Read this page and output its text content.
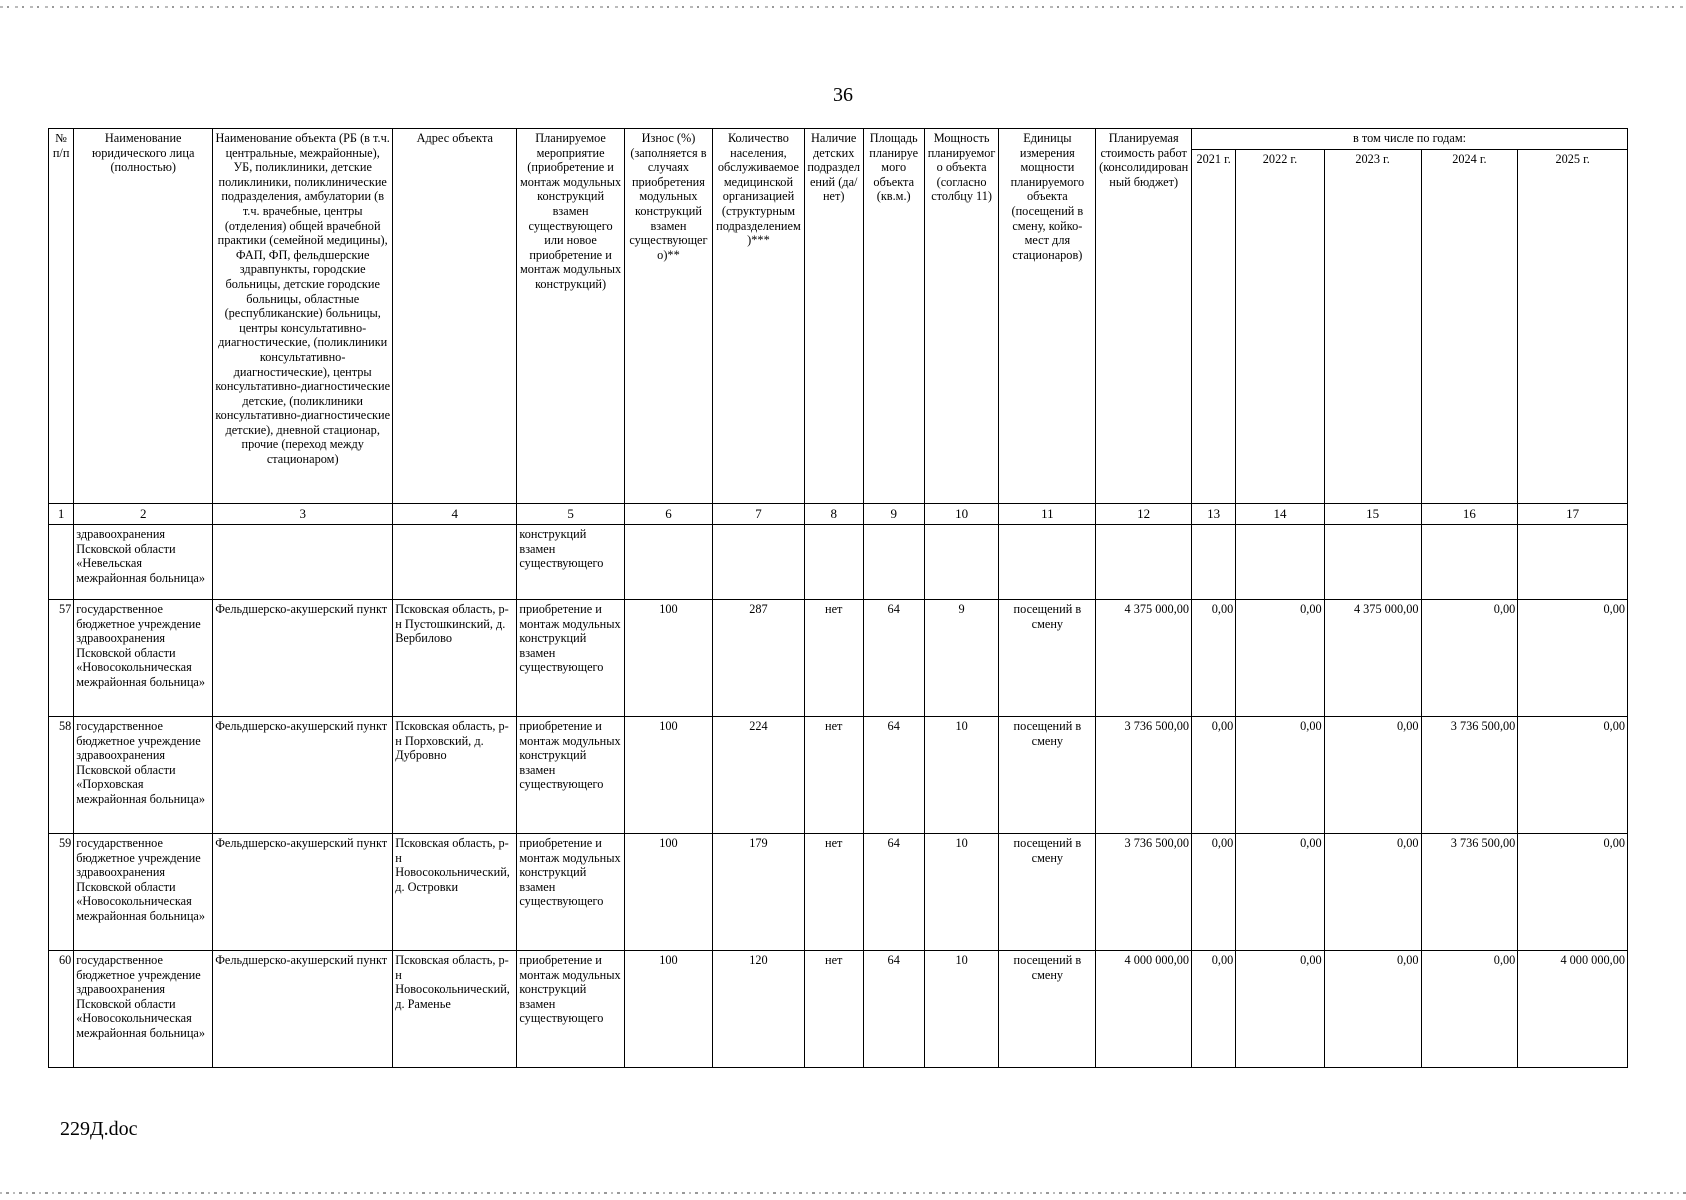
36
№ п/п	Наименование юридического лица (полностью)	Наименование объекта (РБ (в т.ч. центральные, межрайонные), УБ, поликлиники, детские поликлиники, поликлинические подразделения, амбулатории (в т.ч. врачебные, центры (отделения) общей врачебной практики (семейной медицины), ФАП, ФП, фельдшерские здравпункты, городские больницы, детские городские больницы, областные (республиканские) больницы, центры консультативно-диагностические, (поликлиники консультативно-диагностические), центры консультативно-диагностические детские, (поликлиники консультативно-диагностические детские), дневной стационар, прочие (переход между стационаром)	Адрес объекта	Планируемое мероприятие (приобретение и монтаж модульных конструкций взамен существующего или новое приобретение и монтаж модульных конструкций)	Износ (%) (заполняется в случаях приобретения модульных конструкций взамен существующего)**	Количество населения, обслуживаемое медицинской организацией (структурным подразделением)***	Наличие детских подразделений (да/нет)	Площадь планируемого объекта (кв.м.)	Мощность планируемого объекта (согласно столбцу 11)	Единицы измерения мощности планируемого объекта (посещений в смену, койко-мест для стационаров)	Планируемая стоимость работ (консолидированный бюджет)	в том числе по годам:				
												2021 г.	2022 г.	2023 г.	2024 г.	2025 г.
1	2	3	4	5	6	7	8	9	10	11	12	13	14	15	16	17
	здравоохранения Псковской области «Невельская межрайонная больница»			конструкций взамен существующего												
57	государственное бюджетное учреждение здравоохранения Псковской области «Новосокольническая межрайонная больница»	Фельдшерско-акушерский пункт	Псковская область, р-н Пустошкинский, д. Вербилово	приобретение и монтаж модульных конструкций взамен существующего	100	287	нет	64	9	посещений в смену	4 375 000,00	0,00	0,00	4 375 000,00	0,00	0,00
58	государственное бюджетное учреждение здравоохранения Псковской области «Порховская межрайонная больница»	Фельдшерско-акушерский пункт	Псковская область, р-н Порховский, д. Дубровно	приобретение и монтаж модульных конструкций взамен существующего	100	224	нет	64	10	посещений в смену	3 736 500,00	0,00	0,00	0,00	3 736 500,00	0,00
59	государственное бюджетное учреждение здравоохранения Псковской области «Новосокольническая межрайонная больница»	Фельдшерско-акушерский пункт	Псковская область, р-н Новосокольнический, д. Островки	приобретение и монтаж модульных конструкций взамен существующего	100	179	нет	64	10	посещений в смену	3 736 500,00	0,00	0,00	0,00	3 736 500,00	0,00
60	государственное бюджетное учреждение здравоохранения Псковской области «Новосокольническая межрайонная больница»	Фельдшерско-акушерский пункт	Псковская область, р-н Новосокольнический, д. Раменье	приобретение и монтаж модульных конструкций взамен существующего	100	120	нет	64	10	посещений в смену	4 000 000,00	0,00	0,00	0,00	0,00	4 000 000,00
229Д.doc
